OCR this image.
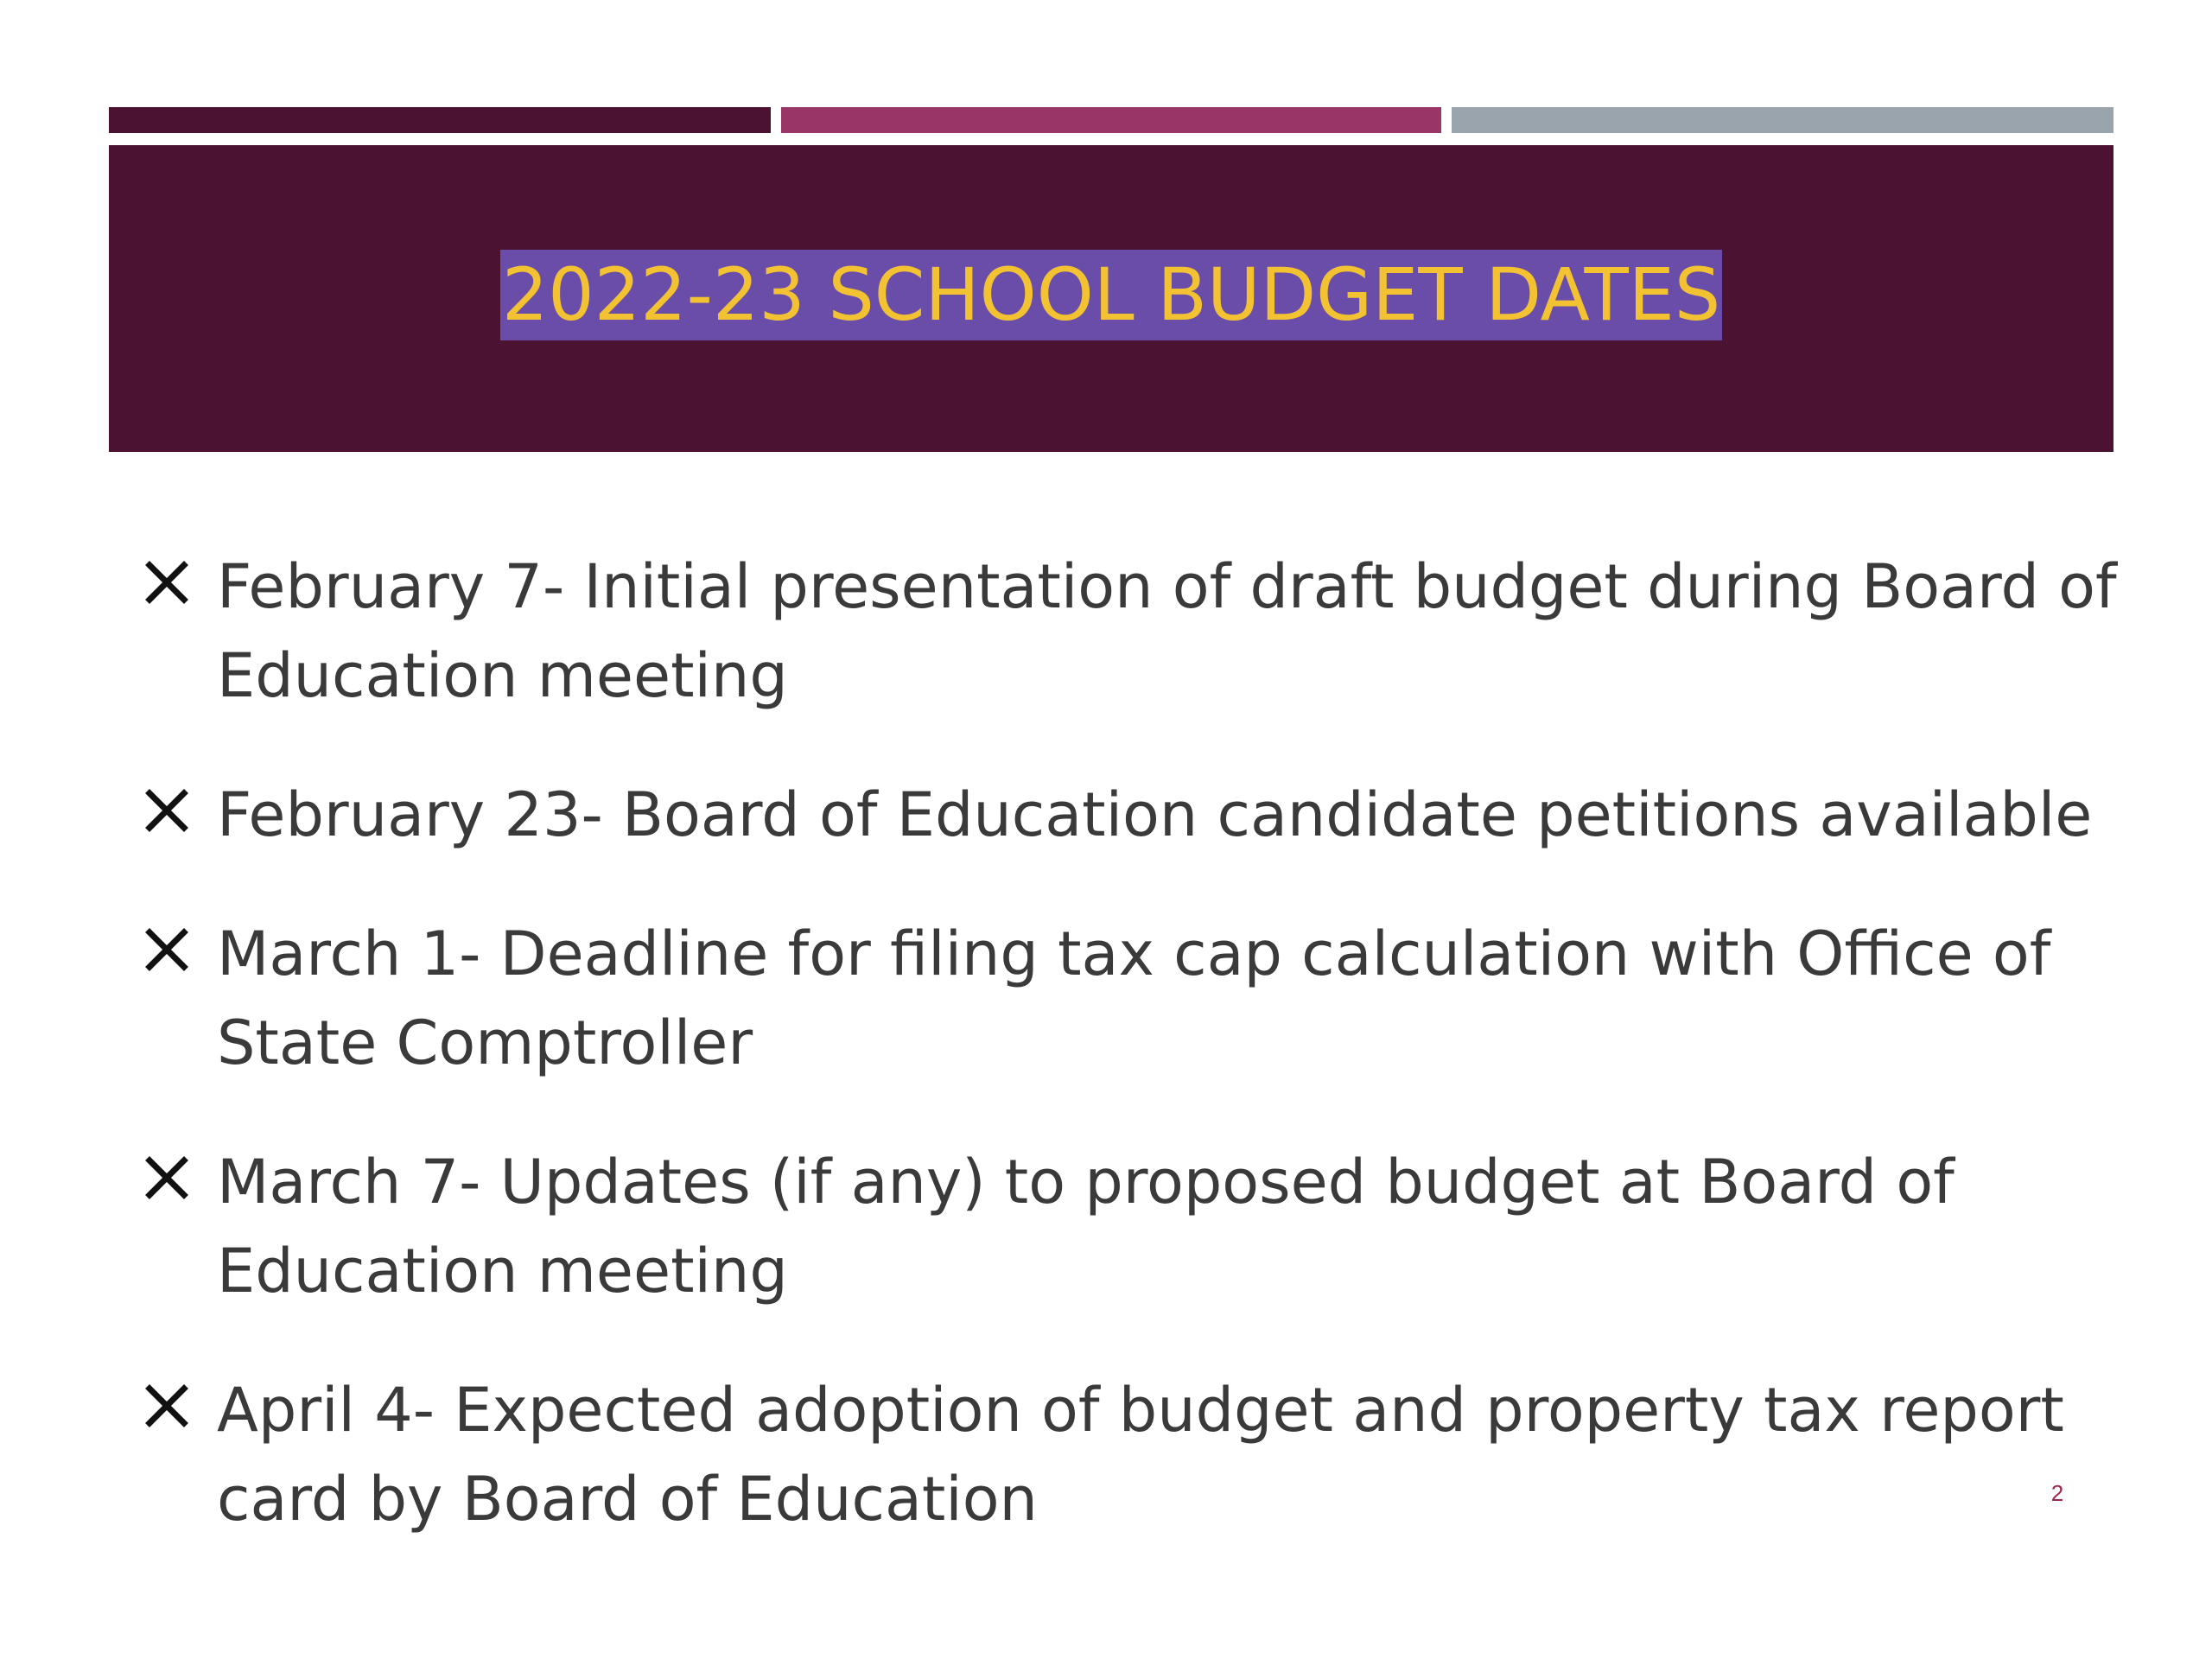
2022-23 SCHOOL BUDGET DATES
February 7- Initial presentation of draft budget during Board of Education meeting
February 23- Board of Education candidate petitions available
March 1- Deadline for filing tax cap calculation with Office of State Comptroller
March 7- Updates (if any) to proposed budget at Board of Education meeting
April 4- Expected adoption of budget and property tax report card by Board of Education	2
